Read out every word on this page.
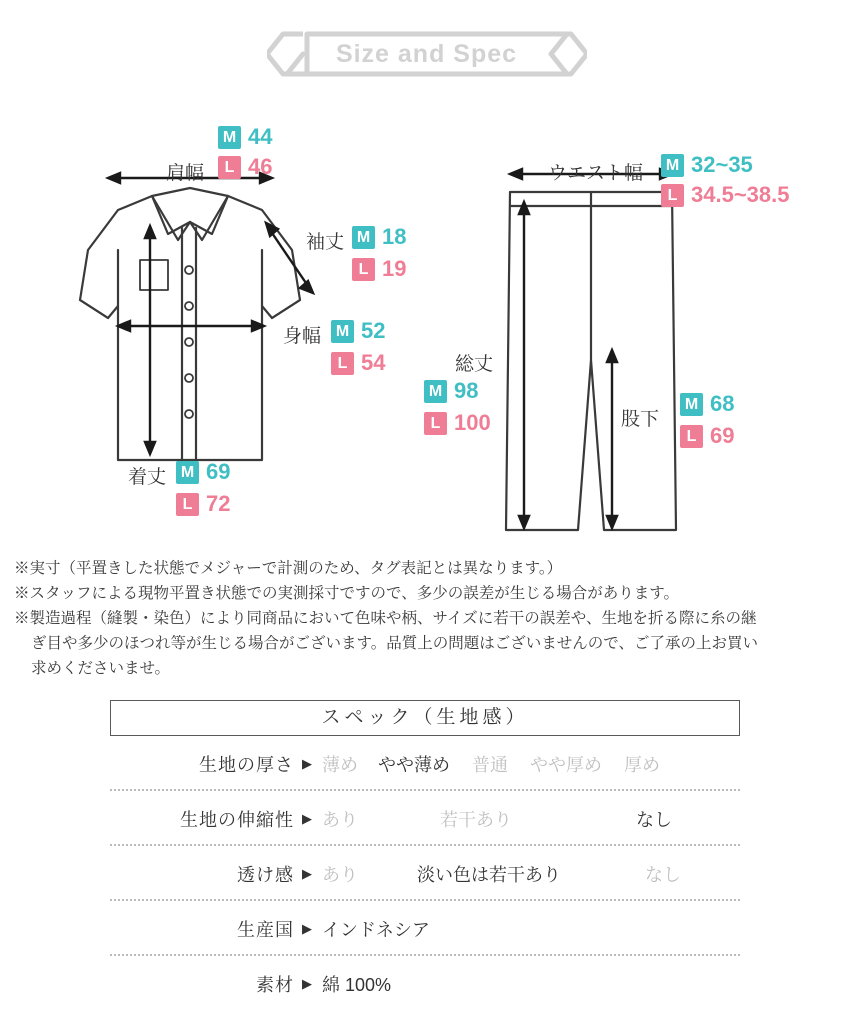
Size and Spec
肩幅
M 44
L 46
袖丈 M 18
L 19
身幅 M 52
L 54
着丈 M 69
L 72
ウエスト幅	M 32~35
L 34.5~38.5
総丈
M 98
L 100	股下
M 68
L 69

※実寸（平置きした状態でメジャーで計測のため、タグ表記とは異なります。）

※スタッフによる現物平置き状態での実測採寸ですので、多少の誤差が生じる場合があります。

※製造過程（縫製・染色）により同商品において色味や柄、サイズに若干の誤差や、生地を折る際に糸の継

ぎ目や多少のほつれ等が生じる場合がございます。品質上の問題はございませんので、ご了承の上お買い

求めくださいませ。

スペック（生地感）
生地の厚さ ▶ 薄め やや薄め 普通 やや厚め 厚め
生地の伸縮性 ▶ あり	若干あり	なし
透け感 ▶ あり	淡い色は若干あり	なし
生産国 ▶ インドネシア
素材 ▶ 綿 100%
